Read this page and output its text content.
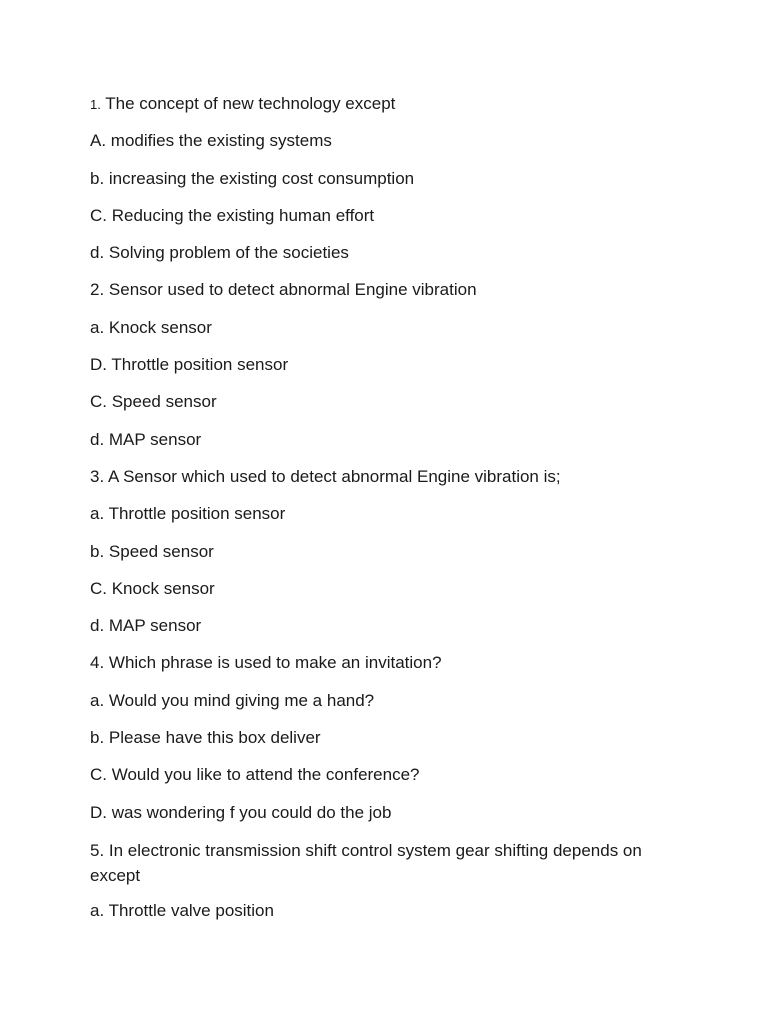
1. The concept of new technology except
A. modifies the existing systems
b. increasing the existing cost consumption
C. Reducing the existing human effort
d. Solving problem of the societies
2. Sensor used to detect abnormal Engine vibration
a. Knock sensor
D. Throttle position sensor
C. Speed sensor
d. MAP sensor
3. A Sensor which used to detect abnormal Engine vibration is;
a. Throttle position sensor
b. Speed sensor
C. Knock sensor
d. MAP sensor
4. Which phrase is used to make an invitation?
a. Would you mind giving me a hand?
b. Please have this box deliver
C. Would you like to attend the conference?
D. was wondering f you could do the job
5. In electronic transmission shift control system gear shifting depends on except
a. Throttle valve position
